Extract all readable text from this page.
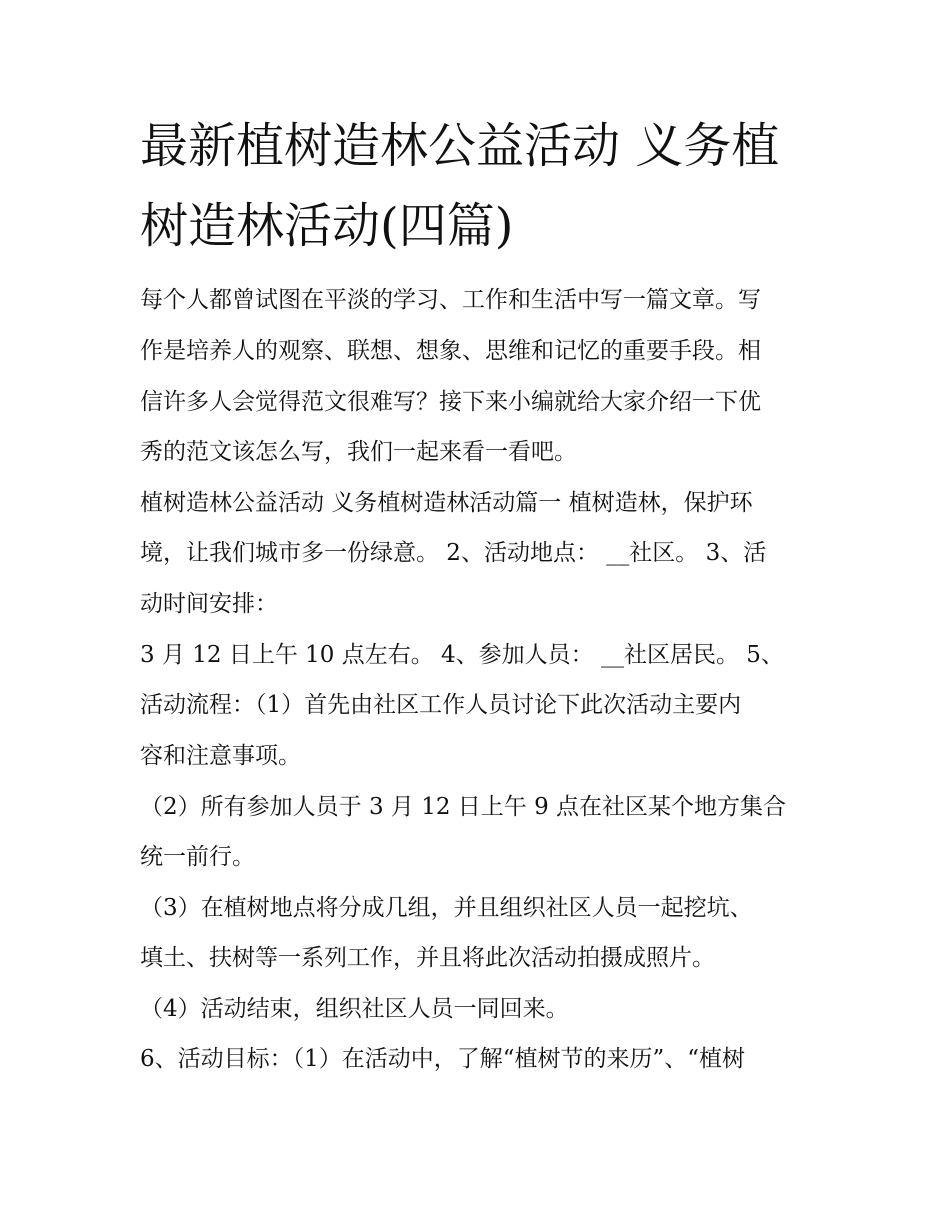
最新植树造林公益活动 义务植
树造林活动(四篇)
每个人都曾试图在平淡的学习、工作和生活中写一篇文章。写
作是培养人的观察、联想、想象、思维和记忆的重要手段。相
信许多人会觉得范文很难写？接下来小编就给大家介绍一下优
秀的范文该怎么写，我们一起来看一看吧。
植树造林公益活动 义务植树造林活动篇一 植树造林，保护环
境，让我们城市多一份绿意。 2、活动地点： __社区。 3、活
动时间安排：
3 月 12 日上午 10 点左右。 4、参加人员： __社区居民。 5、
活动流程：（1）首先由社区工作人员讨论下此次活动主要内
容和注意事项。
（2）所有参加人员于 3 月 12 日上午 9 点在社区某个地方集合
统一前行。
（3）在植树地点将分成几组，并且组织社区人员一起挖坑、
填土、扶树等一系列工作，并且将此次活动拍摄成照片。
（4）活动结束，组织社区人员一同回来。
6、活动目标：（1）在活动中，了解“植树节的来历”、“植树
